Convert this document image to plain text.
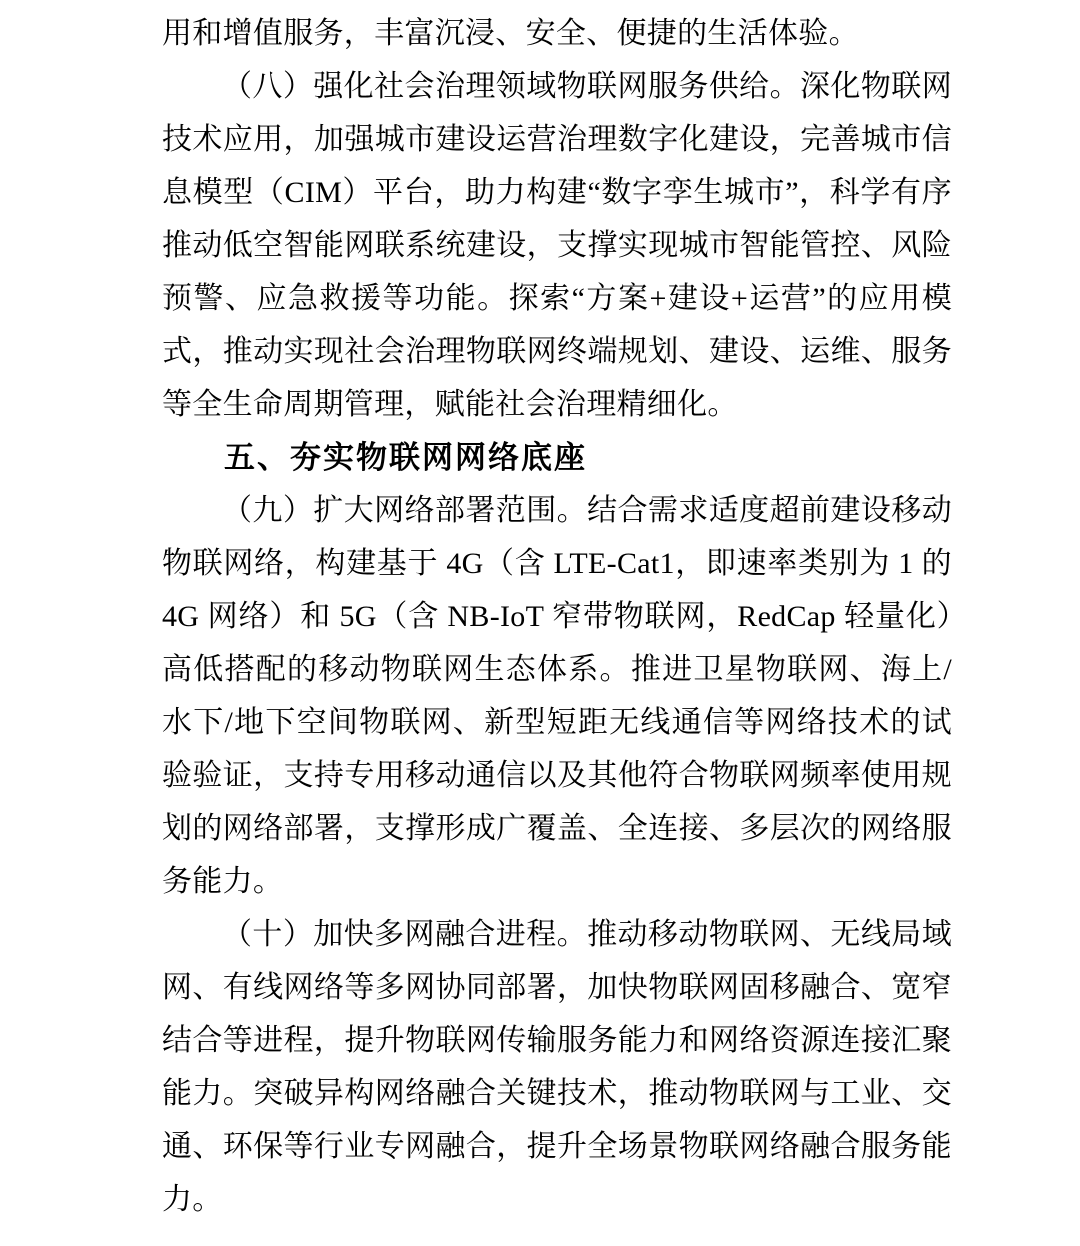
用和增值服务，丰富沉浸、安全、便捷的生活体验。

（八）强化社会治理领域物联网服务供给。深化物联网技术应用，加强城市建设运营治理数字化建设，完善城市信息模型（CIM）平台，助力构建“数字孪生城市”，科学有序推动低空智能网联系统建设，支撑实现城市智能管控、风险预警、应急救援等功能。探索“方案+建设+运营”的应用模式，推动实现社会治理物联网终端规划、建设、运维、服务等全生命周期管理，赋能社会治理精细化。

五、夯实物联网网络底座

（九）扩大网络部署范围。结合需求适度超前建设移动物联网络，构建基于 4G（含 LTE-Cat1，即速率类别为 1 的 4G 网络）和 5G（含 NB-IoT 窄带物联网，RedCap 轻量化）高低搭配的移动物联网生态体系。推进卫星物联网、海上/水下/地下空间物联网、新型短距无线通信等网络技术的试验验证，支持专用移动通信以及其他符合物联网频率使用规划的网络部署，支撑形成广覆盖、全连接、多层次的网络服务能力。

（十）加快多网融合进程。推动移动物联网、无线局域网、有线网络等多网协同部署，加快物联网固移融合、宽窄结合等进程，提升物联网传输服务能力和网络资源连接汇聚能力。突破异构网络融合关键技术，推动物联网与工业、交通、环保等行业专网融合，提升全场景物联网络融合服务能力。
